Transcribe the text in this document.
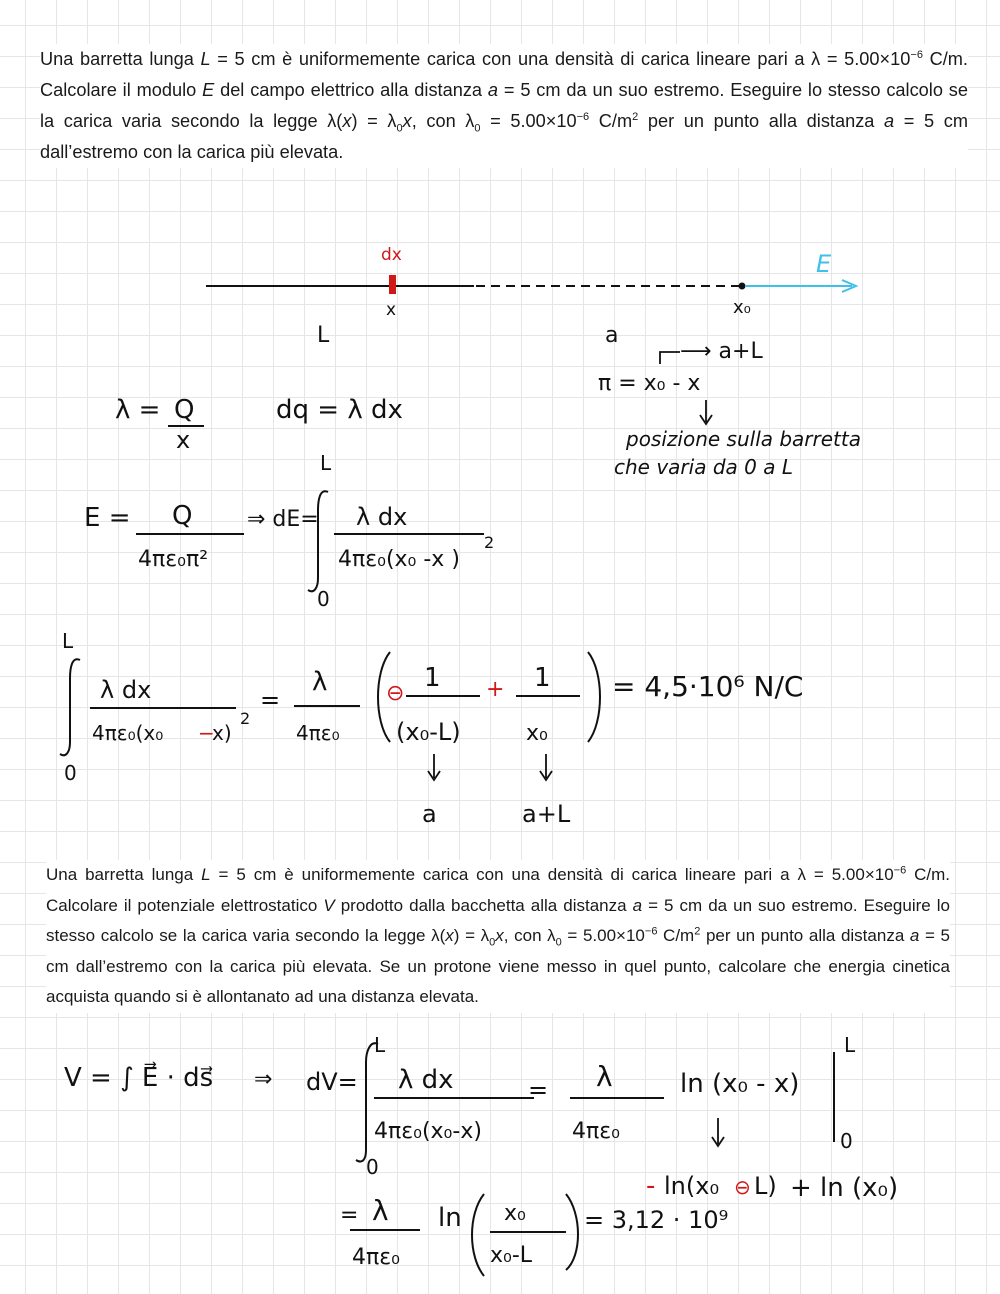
Una barretta lunga L = 5 cm è uniformemente carica con una densità di carica lineare pari a $\lambda = 5.00\times 10^{-6}$ C/m. Calcolare il modulo E del campo elettrico alla distanza a = 5 cm da un suo estremo. Eseguire lo stesso calcolo se la carica varia secondo la legge $\lambda(x) = \lambda_0x$, con $\lambda_0 = 5.00\times 10^{-6}$ $C/m^2$ per un punto alla distanza a = 5 cm dall’estremo con la carica più elevata.
Una barretta lunga L = 5 cm è uniformemente carica con una densità di carica lineare pari a $\lambda = 5.00\times 10^{-6}$ C/m. Calcolare il potenziale elettrostatico V prodotto dalla bacchetta alla distanza a = 5 cm da un suo estremo. Eseguire lo stesso calcolo se la carica varia secondo la legge $\lambda(x) = \lambda_0x$, con $\lambda_0 = 5.00\times 10^{-6}$ $C/m^2$ per un punto alla distanza a = 5 cm dall’estremo con la carica più elevata. Se un protone viene messo in quel punto, calcolare che energia cinetica acquista quando si è allontanato ad una distanza elevata.
dx
x	x₀
E
L	a
⟶ a+L
π = x₀ - x
posizione sulla barretta
che varia da 0 a L
λ = Q
x
dq = λ dx
E = Q
4πε₀π²
⇒ dE=
L
0
λ dx
4πε₀(x₀ -x )
2
L
0
λ dx
4πε₀(x₀ −
x)
2
=
λ
4πε₀
⊖
1
(x₀-L)
+ 1
x₀
= 4,5·10⁶ N/C
a	a+L
V = ∫ E⃗ · ds⃗ ⇒ dV=
L
0
λ dx
4πε₀(x₀-x)
= λ
4πε₀
ln (x₀ - x)
L
0
- ln(x₀ ⊖ L) + ln (x₀)
= λ
4πε₀
ln x₀
x₀-L
= 3,12 · 10⁹
